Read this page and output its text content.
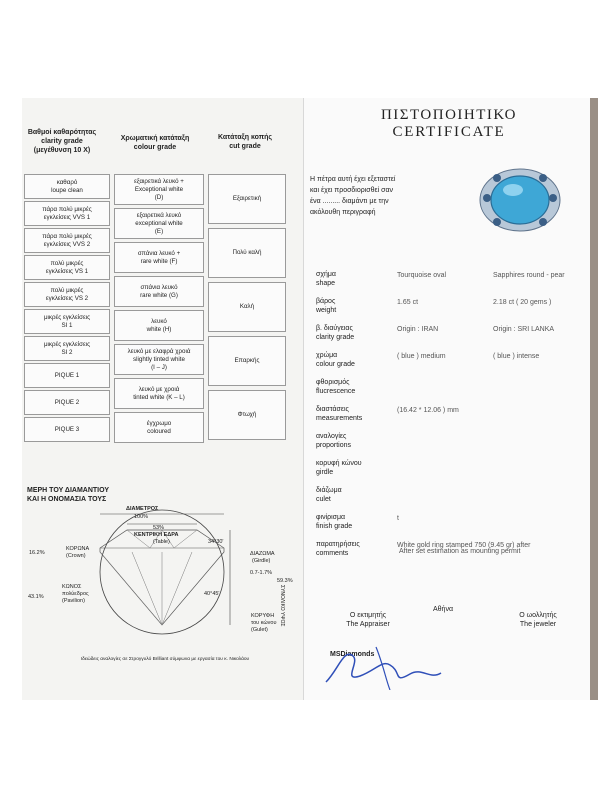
Βαθμοί καθαρότητας
clarity grade
(μεγέθυνση 10 X)
Χρωματική κατάταξη
colour grade
Κατάταξη κοπής
cut grade
καθαρό
loupe clean
πάρα πολύ μικρές
εγκλείσεις VVS 1
πάρα πολύ μικρές
εγκλείσεις VVS 2
πολύ μικρές
εγκλείσεις VS 1
πολύ μικρές
εγκλείσεις VS 2
μικρές εγκλείσεις
SI 1
μικρές εγκλείσεις
SI 2
PIQUE 1
PIQUE 2
PIQUE 3
εξαιρετικά λευκό +
Exceptional white
(D)
εξαιρετικά λευκό
exceptional white
(E)
σπάνια λευκό +
rare white (F)
σπάνια λευκό
rare white (G)
λευκό
white (H)
λευκό με ελαφρά χροιά
slightly tinted white
(I – J)
λευκό με χροιά
tinted white (K – L)
έγχρωμο
coloured
Εξαιρετική
Πολύ καλή
Καλή
Επαρκής
Φτωχή
ΜΕΡΗ ΤΟΥ ΔΙΑΜΑΝΤΙΟΥ
ΚΑΙ Η ΟΝΟΜΑΣΙΑ ΤΟΥΣ
ΔΙΑΜΕΤΡΟΣ
100%
53%
ΚΕΝΤΡΙΚΗ ΕΔΡΑ
(Table)
16.2%
ΚΟΡΩΝΑ
(Crown)
34°30'
ΔΙΑΖΩΜΑ
(Girdle)
0.7-1.7%
59.3%
43.1%
ΚΩΝΟΣ
πολύεδρος
(Pavilion)
40°45'
ΚΟΡΥΦΗ
του κώνου
(Gulet)
ΣΥΝΟΛΙΚΟ ΥΨΟΣ
Ιδεώδεις αναλογίες σε Στρογγυλό Brilliant σύμφωνα με εργασία του κ. Νικολάου
ΠΙΣΤΟΠΟΙΗΤΙΚΟ
CERTIFICATE
Η πέτρα αυτή έχει εξεταστεί
και έχει προσδιορισθεί σαν
ένα ......... διαμάντι με την
ακόλουθη περιγραφή
σχήμα
shape
Tourquoise oval	Sapphires round - pear
βάρος
weight
1.65 ct	2.18 ct ( 20 gems )
β. διαύγειας
clarity grade
Origin : IRAN	Origin : SRI LANKA
χρώμα
colour grade
( blue ) medium	( blue ) intense
φθορισμός
flucrescence
διαστάσεις
measurements
(16.42 * 12.06 ) mm
αναλογίες
proportions
κορυφή κώνου
girdle
διάζωμα
culet
φινίρισμα
finish grade
t
παρατηρήσεις
comments
White gold ring stamped 750 (9.45 gr) after
After set estimation as mounting permit
Αθήνα
Ο εκτιμητής
The Appraiser
Ο ωολλητής
The jeweler
MSDiamonds
